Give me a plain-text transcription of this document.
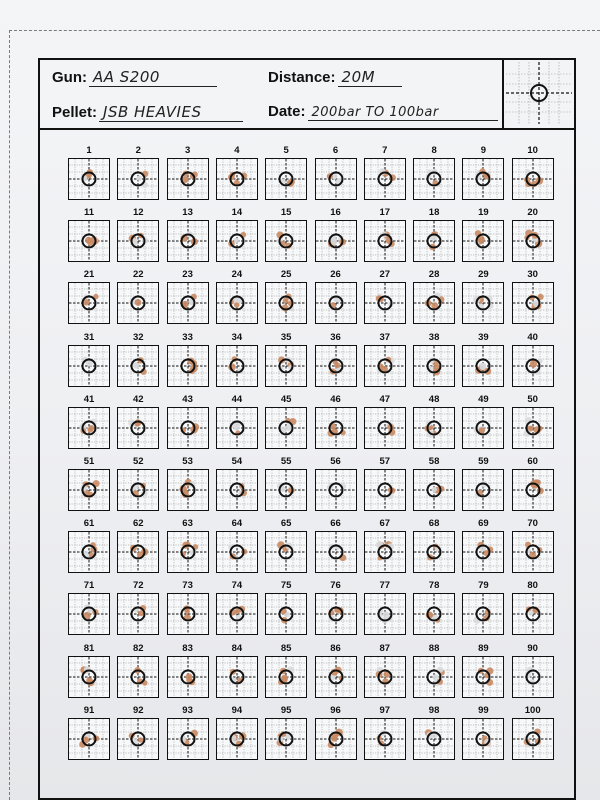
Gun: AA S200	Distance: 20M
Pellet: JSB HEAVIES	Date: 200bar TO 100bar
1	2	3	4	5	6	7	8	9	10
11	12	13	14	15	16	17	18	19	20
21	22	23	24	25	26	27	28	29	30
31	32	33	34	35	36	37	38	39	40
41	42	43	44	45	46	47	48	49	50
51	52	53	54	55	56	57	58	59	60
61	62	63	64	65	66	67	68	69	70
71	72	73	74	75	76	77	78	79	80
81	82	83	84	85	86	87	88	89	90
91	92	93	94	95	96	97	98	99	100
